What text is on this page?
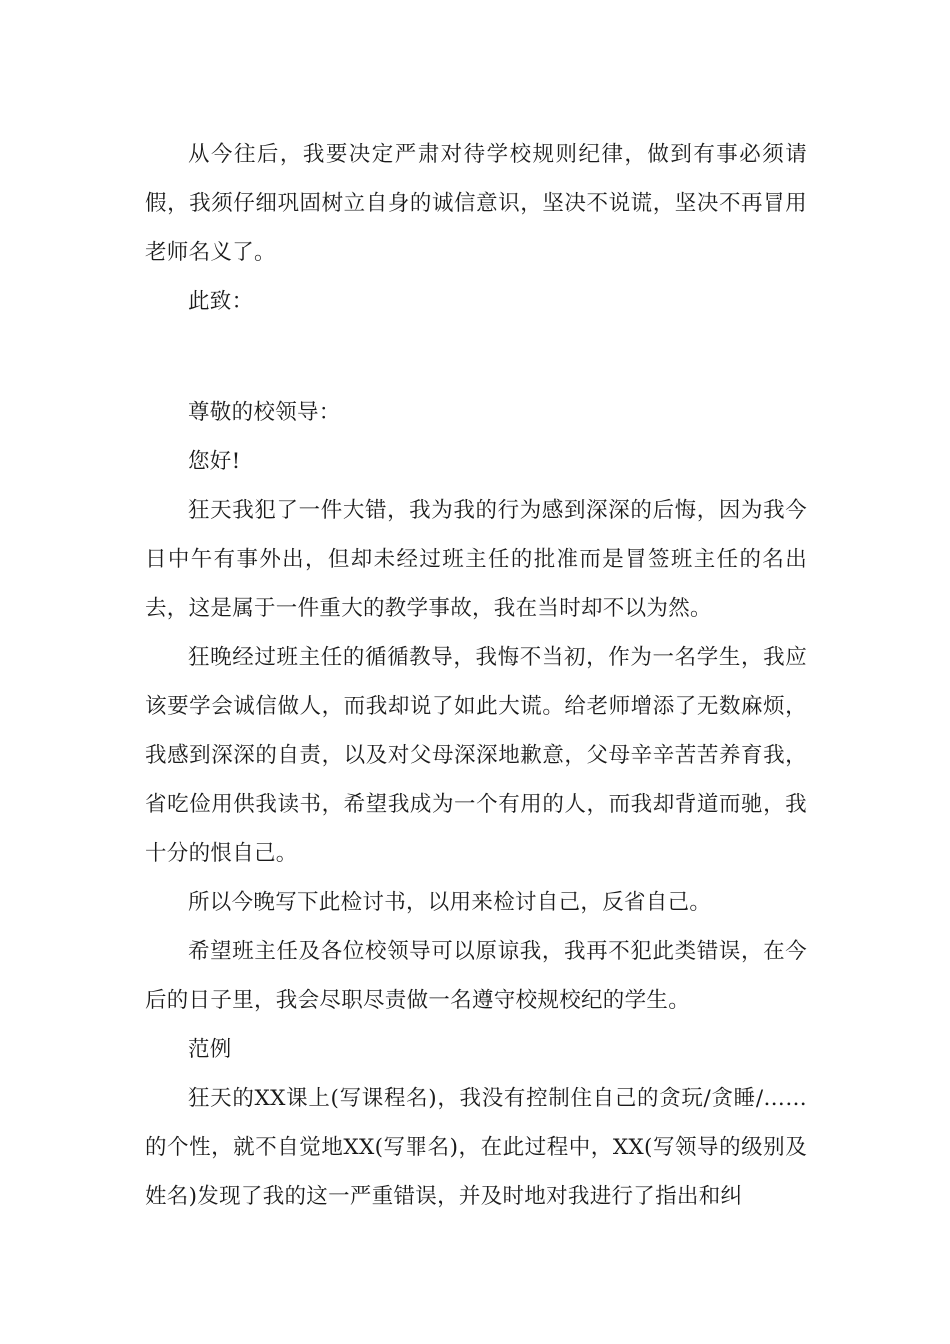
从今往后，我要决定严肃对待学校规则纪律，做到有事必须请假，我须仔细巩固树立自身的诚信意识，坚决不说谎，坚决不再冒用老师名义了。

此致：

尊敬的校领导：

您好!

狂天我犯了一件大错，我为我的行为感到深深的后悔，因为我今日中午有事外出，但却未经过班主任的批准而是冒签班主任的名出去，这是属于一件重大的教学事故，我在当时却不以为然。

狂晚经过班主任的循循教导，我悔不当初，作为一名学生，我应该要学会诚信做人，而我却说了如此大谎。给老师增添了无数麻烦，我感到深深的自责，以及对父母深深地歉意，父母辛辛苦苦养育我，省吃俭用供我读书，希望我成为一个有用的人，而我却背道而驰，我十分的恨自己。

所以今晚写下此检讨书，以用来检讨自己，反省自己。

希望班主任及各位校领导可以原谅我，我再不犯此类错误，在今后的日子里，我会尽职尽责做一名遵守校规校纪的学生。

范例

狂天的XX课上(写课程名)，我没有控制住自己的贪玩/贪睡/……的个性，就不自觉地XX(写罪名)，在此过程中，XX(写领导的级别及姓名)发现了我的这一严重错误，并及时地对我进行了指出和纠
